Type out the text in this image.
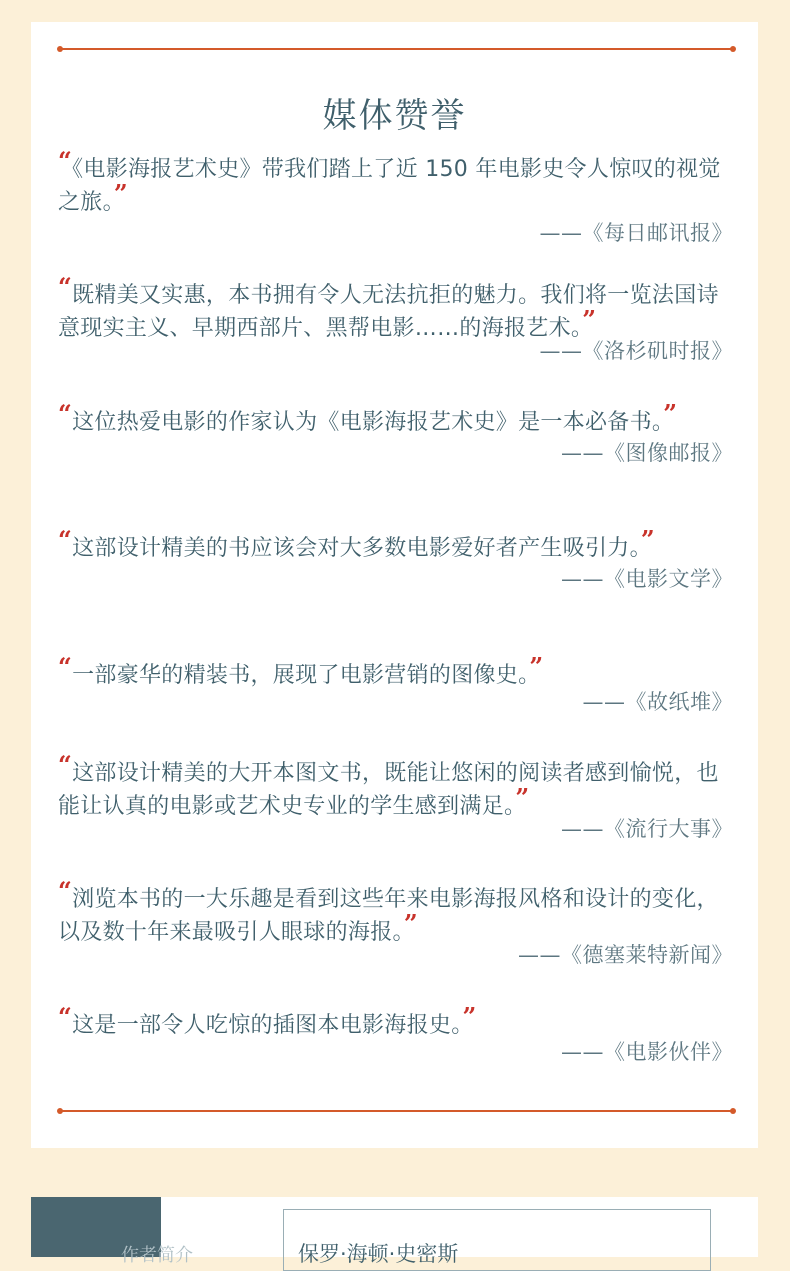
媒体赞誉

“《电影海报艺术史》带我们踏上了近 150 年电影史令人惊叹的视觉之旅。”

——《每日邮讯报》

“既精美又实惠，本书拥有令人无法抗拒的魅力。我们将一览法国诗意现实主义、早期西部片、黑帮电影……的海报艺术。”

——《洛杉矶时报》

“这位热爱电影的作家认为《电影海报艺术史》是一本必备书。”

——《图像邮报》

“这部设计精美的书应该会对大多数电影爱好者产生吸引力。”

——《电影文学》

“一部豪华的精装书，展现了电影营销的图像史。”

——《故纸堆》

“这部设计精美的大开本图文书，既能让悠闲的阅读者感到愉悦，也能让认真的电影或艺术史专业的学生感到满足。”

——《流行大事》

“浏览本书的一大乐趣是看到这些年来电影海报风格和设计的变化，以及数十年来最吸引人眼球的海报。”

——《德塞莱特新闻》

“这是一部令人吃惊的插图本电影海报史。”

——《电影伙伴》

作者简介	保罗·海顿·史密斯
